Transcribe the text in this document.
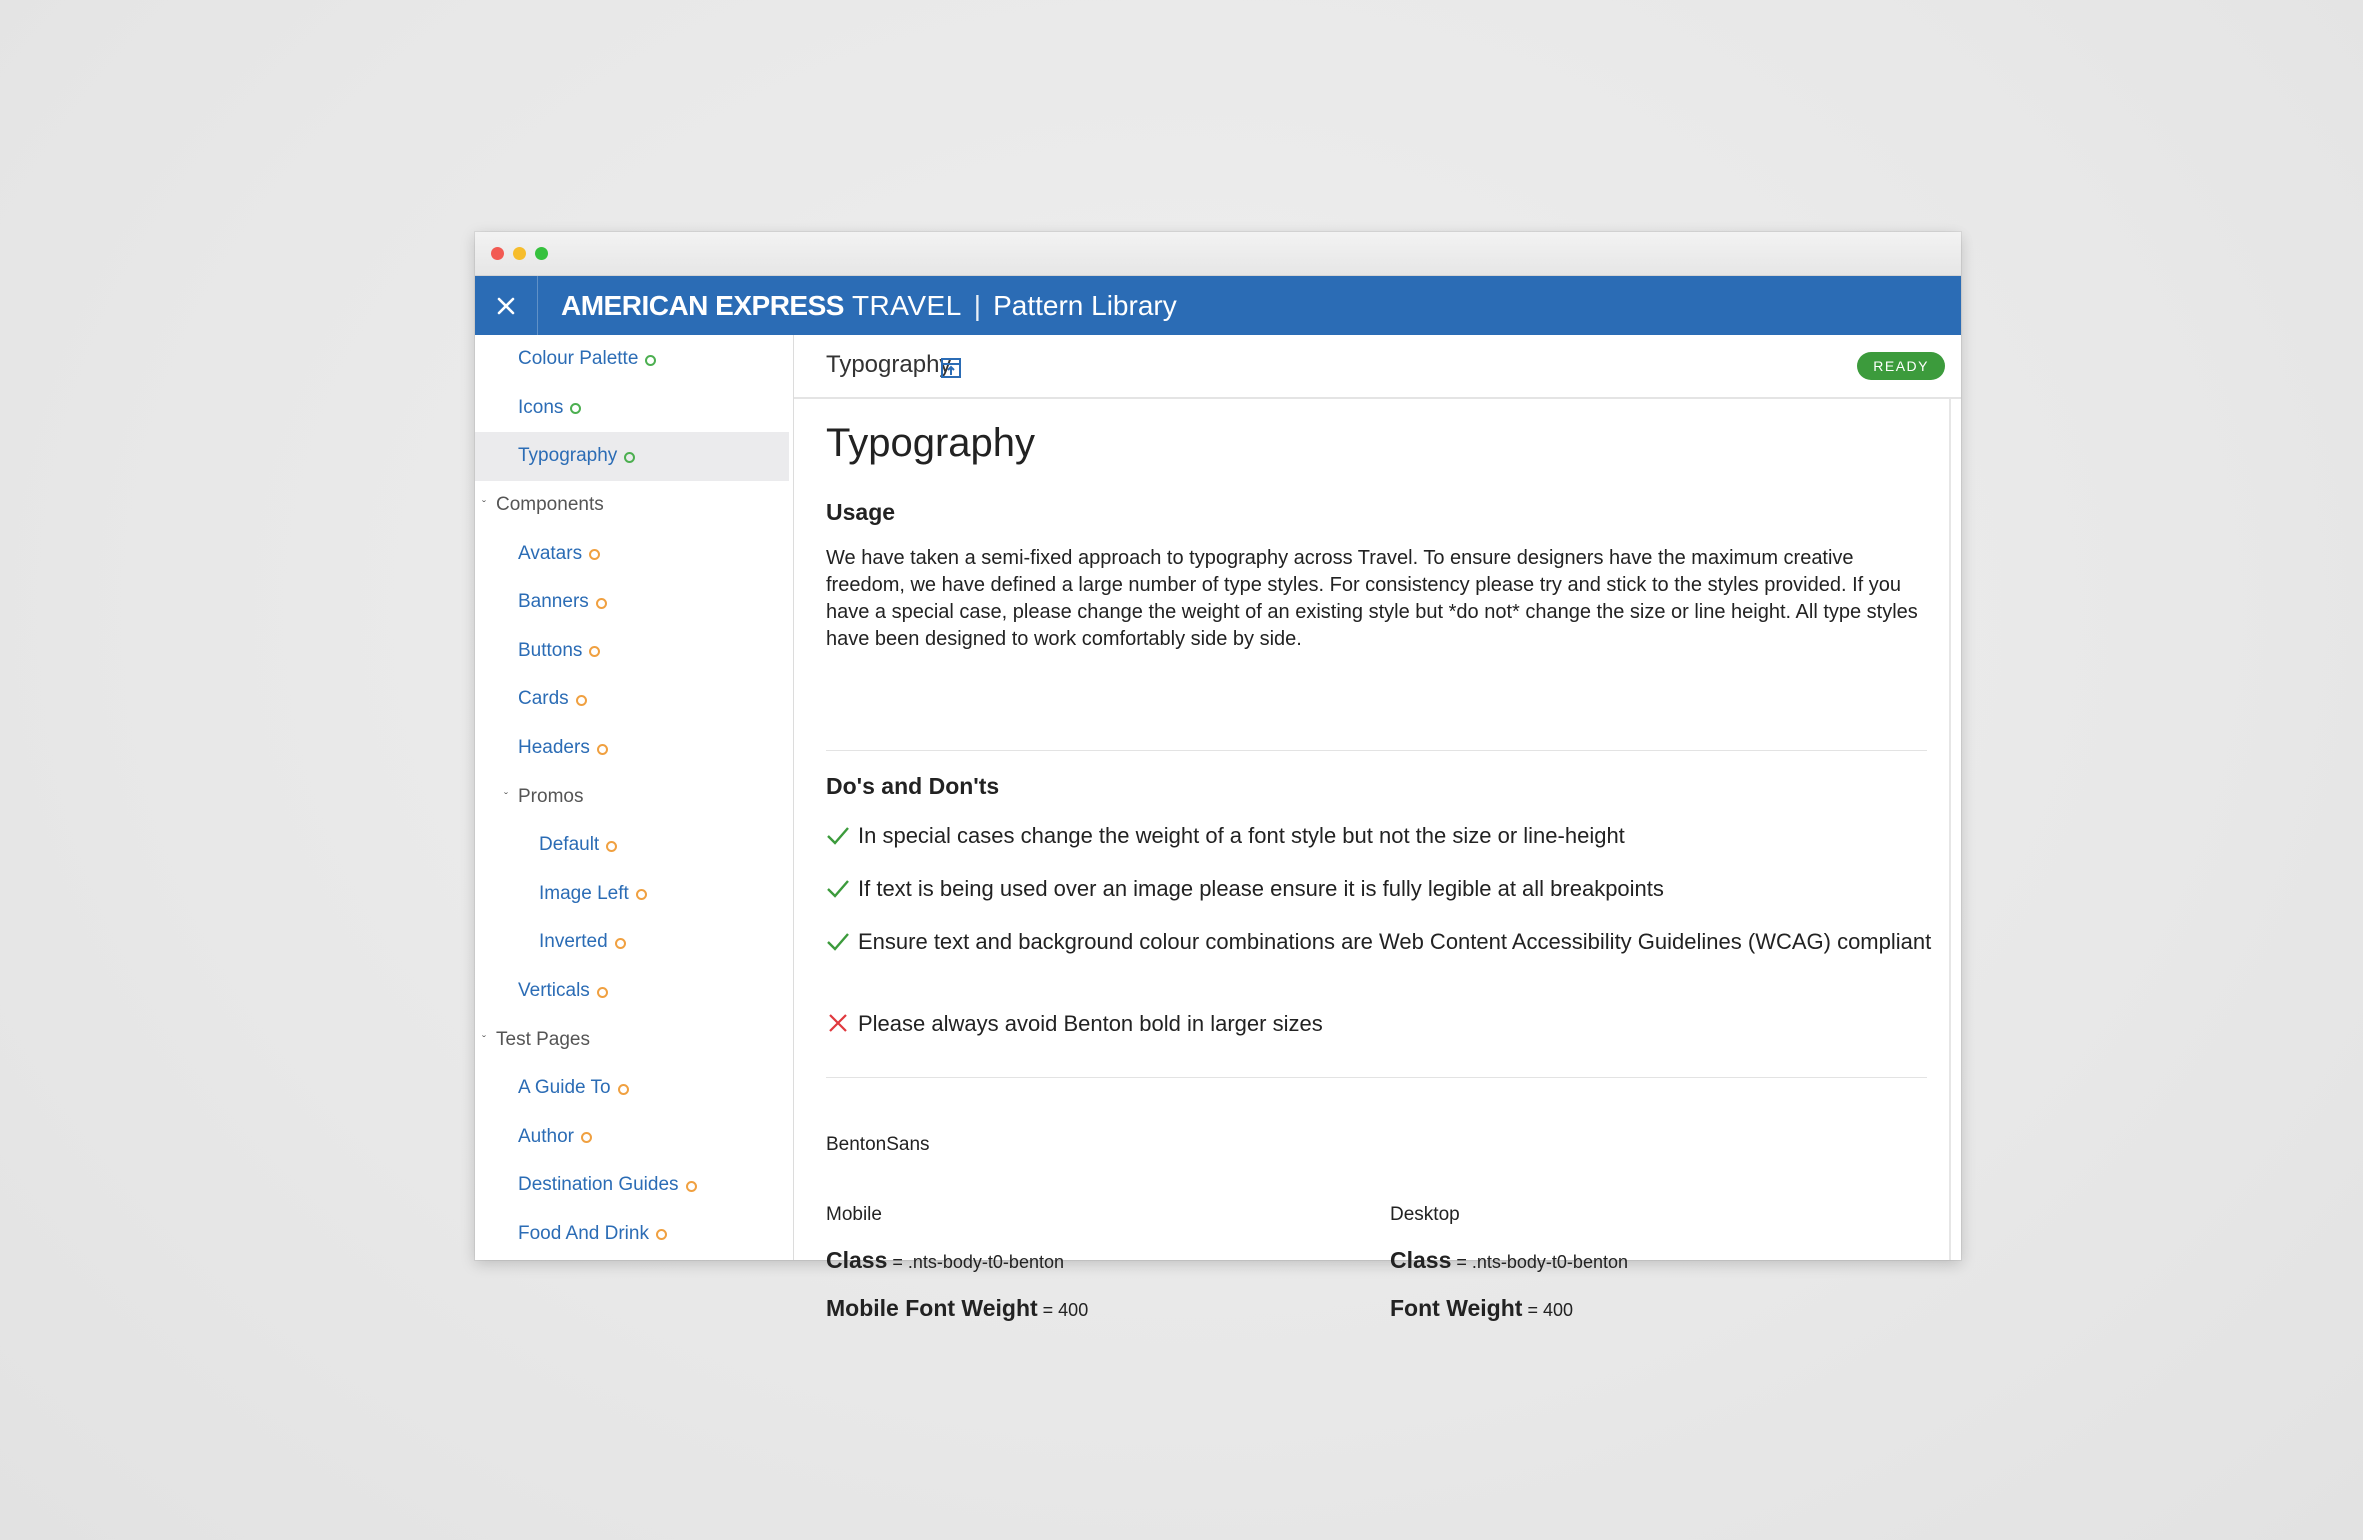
AMERICAN EXPRESS TRAVEL | Pattern Library
Colour Palette
Icons
Typography
ˇ Components
Avatars
Banners
Buttons
Cards
Headers
ˇ Promos
Default
Image Left
Inverted
Verticals
ˇ Test Pages
A Guide To
Author
Destination Guides
Food And Drink
Typography	READY
Typography
Usage
We have taken a semi-fixed approach to typography across Travel. To ensure designers have the maximum creative freedom, we have defined a large number of type styles. For consistency please try and stick to the styles provided. If you have a special case, please change the weight of an existing style but *do not* change the size or line height. All type styles have been designed to work comfortably side by side.
Do's and Don'ts
In special cases change the weight of a font style but not the size or line-height
If text is being used over an image please ensure it is fully legible at all breakpoints
Ensure text and background colour combinations are Web Content Accessibility Guidelines (WCAG) compliant
Please always avoid Benton bold in larger sizes
BentonSans
Mobile	Desktop
Class = .nts-body-t0-benton	Class = .nts-body-t0-benton
Mobile Font Weight = 400	Font Weight = 400
